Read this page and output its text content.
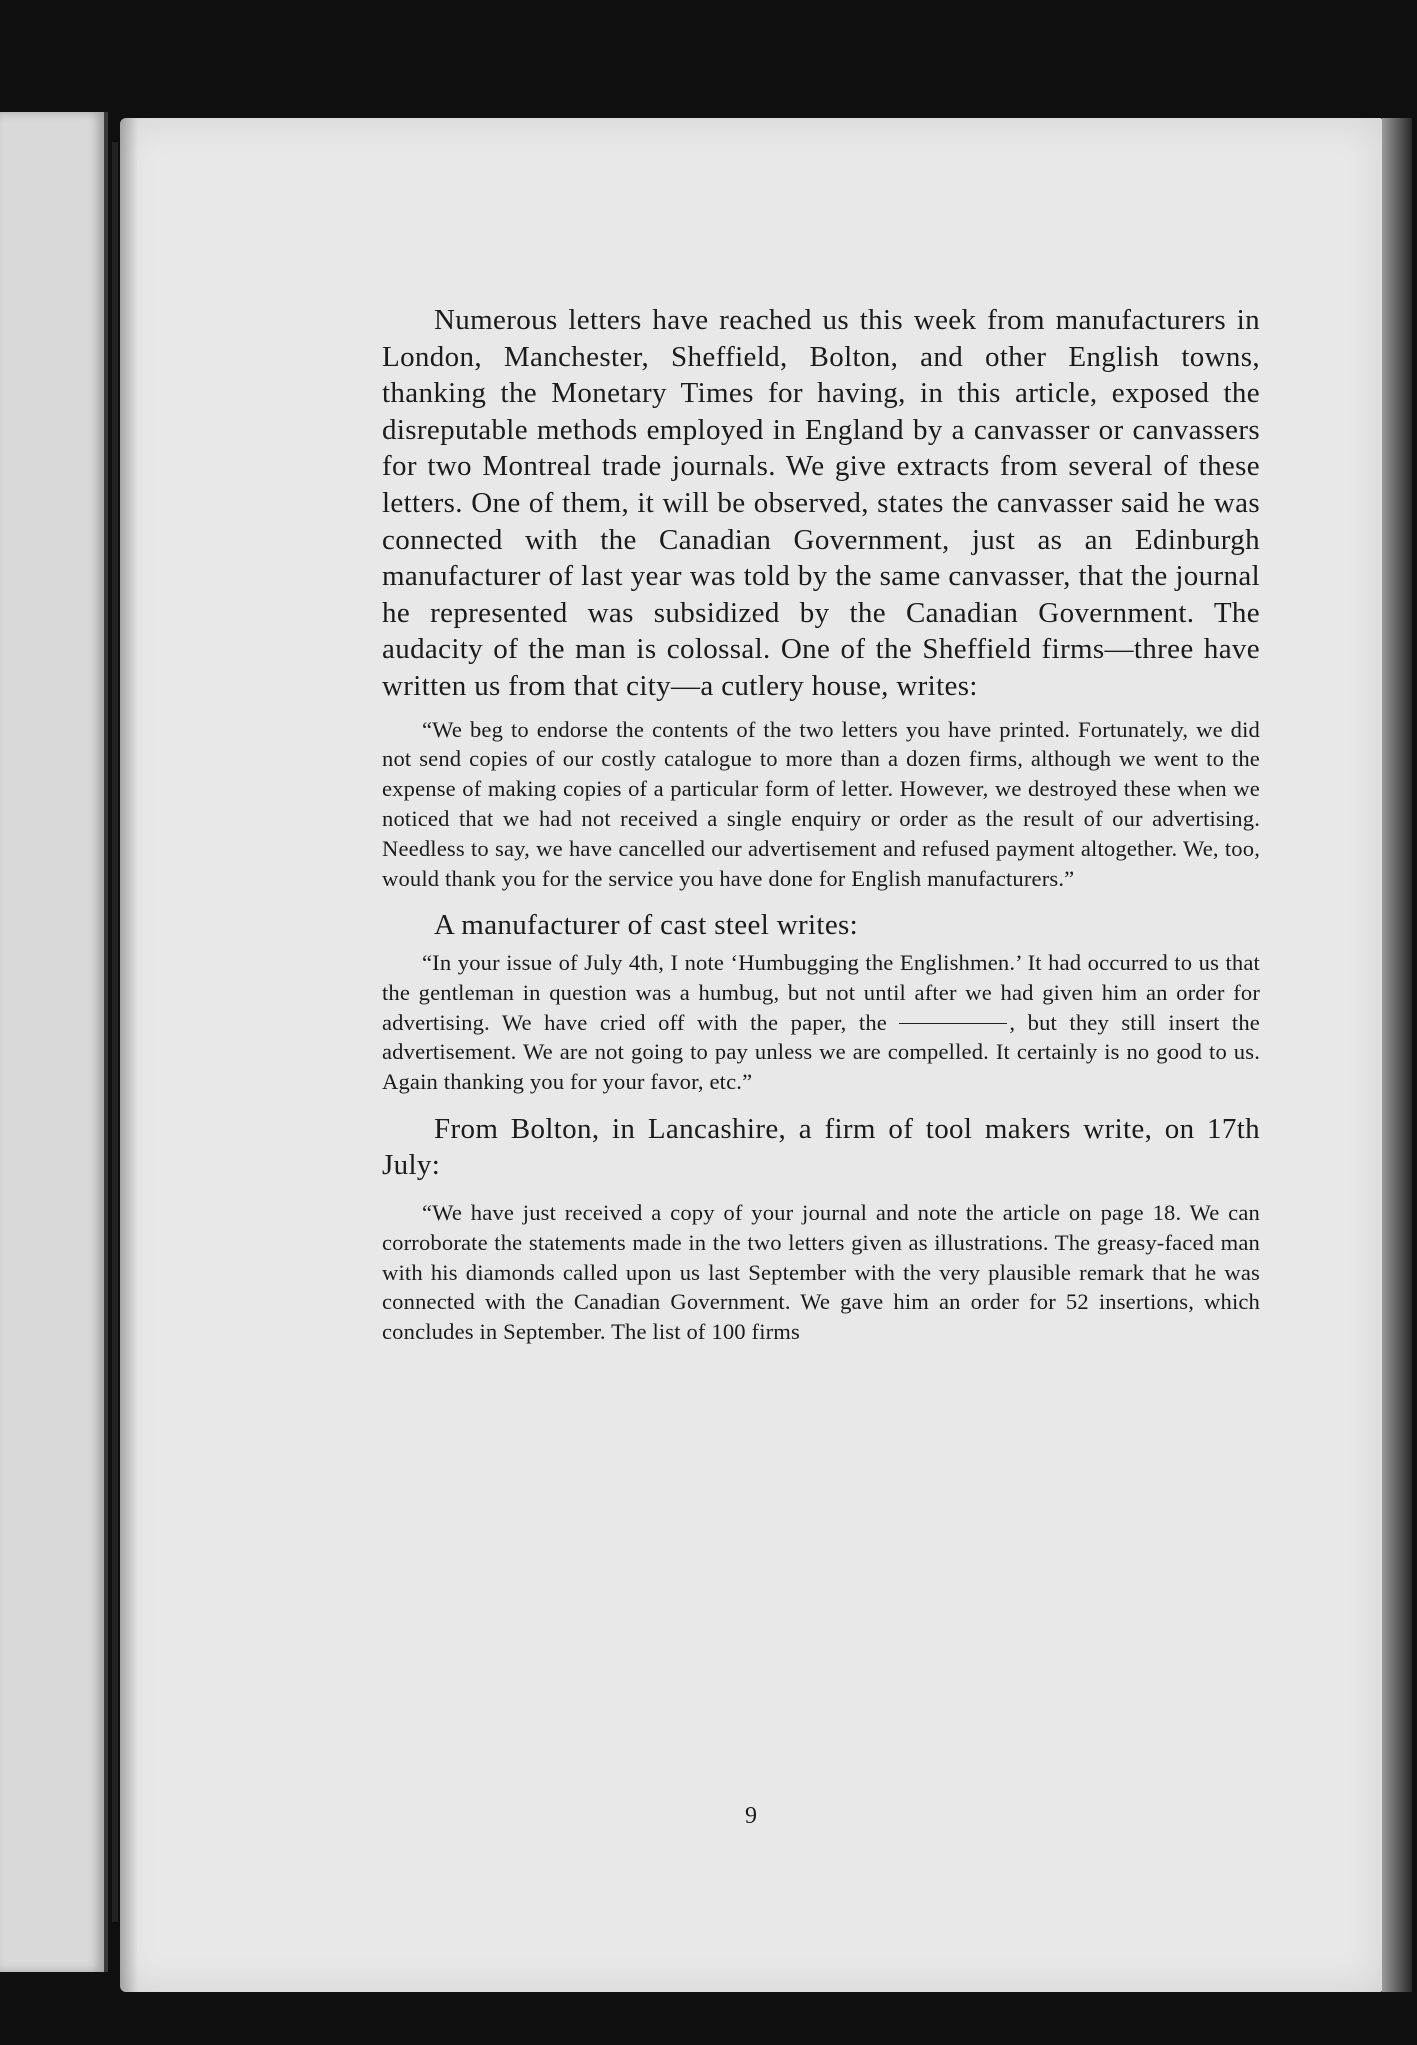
Numerous letters have reached us this week from manufacturers in London, Manchester, Sheffield, Bolton, and other English towns, thanking the Monetary Times for having, in this article, exposed the disreputable methods employed in England by a canvasser or canvassers for two Montreal trade journals. We give extracts from several of these letters. One of them, it will be observed, states the canvasser said he was connected with the Canadian Government, just as an Edinburgh manufacturer of last year was told by the same canvasser, that the journal he represented was subsidized by the Canadian Government. The audacity of the man is colossal. One of the Sheffield firms—three have written us from that city—a cutlery house, writes:

“We beg to endorse the contents of the two letters you have printed. Fortunately, we did not send copies of our costly catalogue to more than a dozen firms, although we went to the expense of making copies of a particular form of letter. However, we destroyed these when we noticed that we had not received a single enquiry or order as the result of our advertising. Needless to say, we have cancelled our advertisement and refused payment altogether. We, too, would thank you for the service you have done for English manufacturers.”

A manufacturer of cast steel writes:

“In your issue of July 4th, I note ‘Humbugging the Englishmen.’ It had occurred to us that the gentleman in question was a humbug, but not until after we had given him an order for advertising. We have cried off with the paper, the	, but they still insert the advertisement. We are not going to pay unless we are compelled. It certainly is no good to us. Again thanking you for your favor, etc.”

From Bolton, in Lancashire, a firm of tool makers write, on 17th July:

“We have just received a copy of your journal and note the article on page 18. We can corroborate the statements made in the two letters given as illustrations. The greasy-faced man with his diamonds called upon us last September with the very plausible remark that he was connected with the Canadian Government. We gave him an order for 52 insertions, which concludes in September. The list of 100 firms

9
